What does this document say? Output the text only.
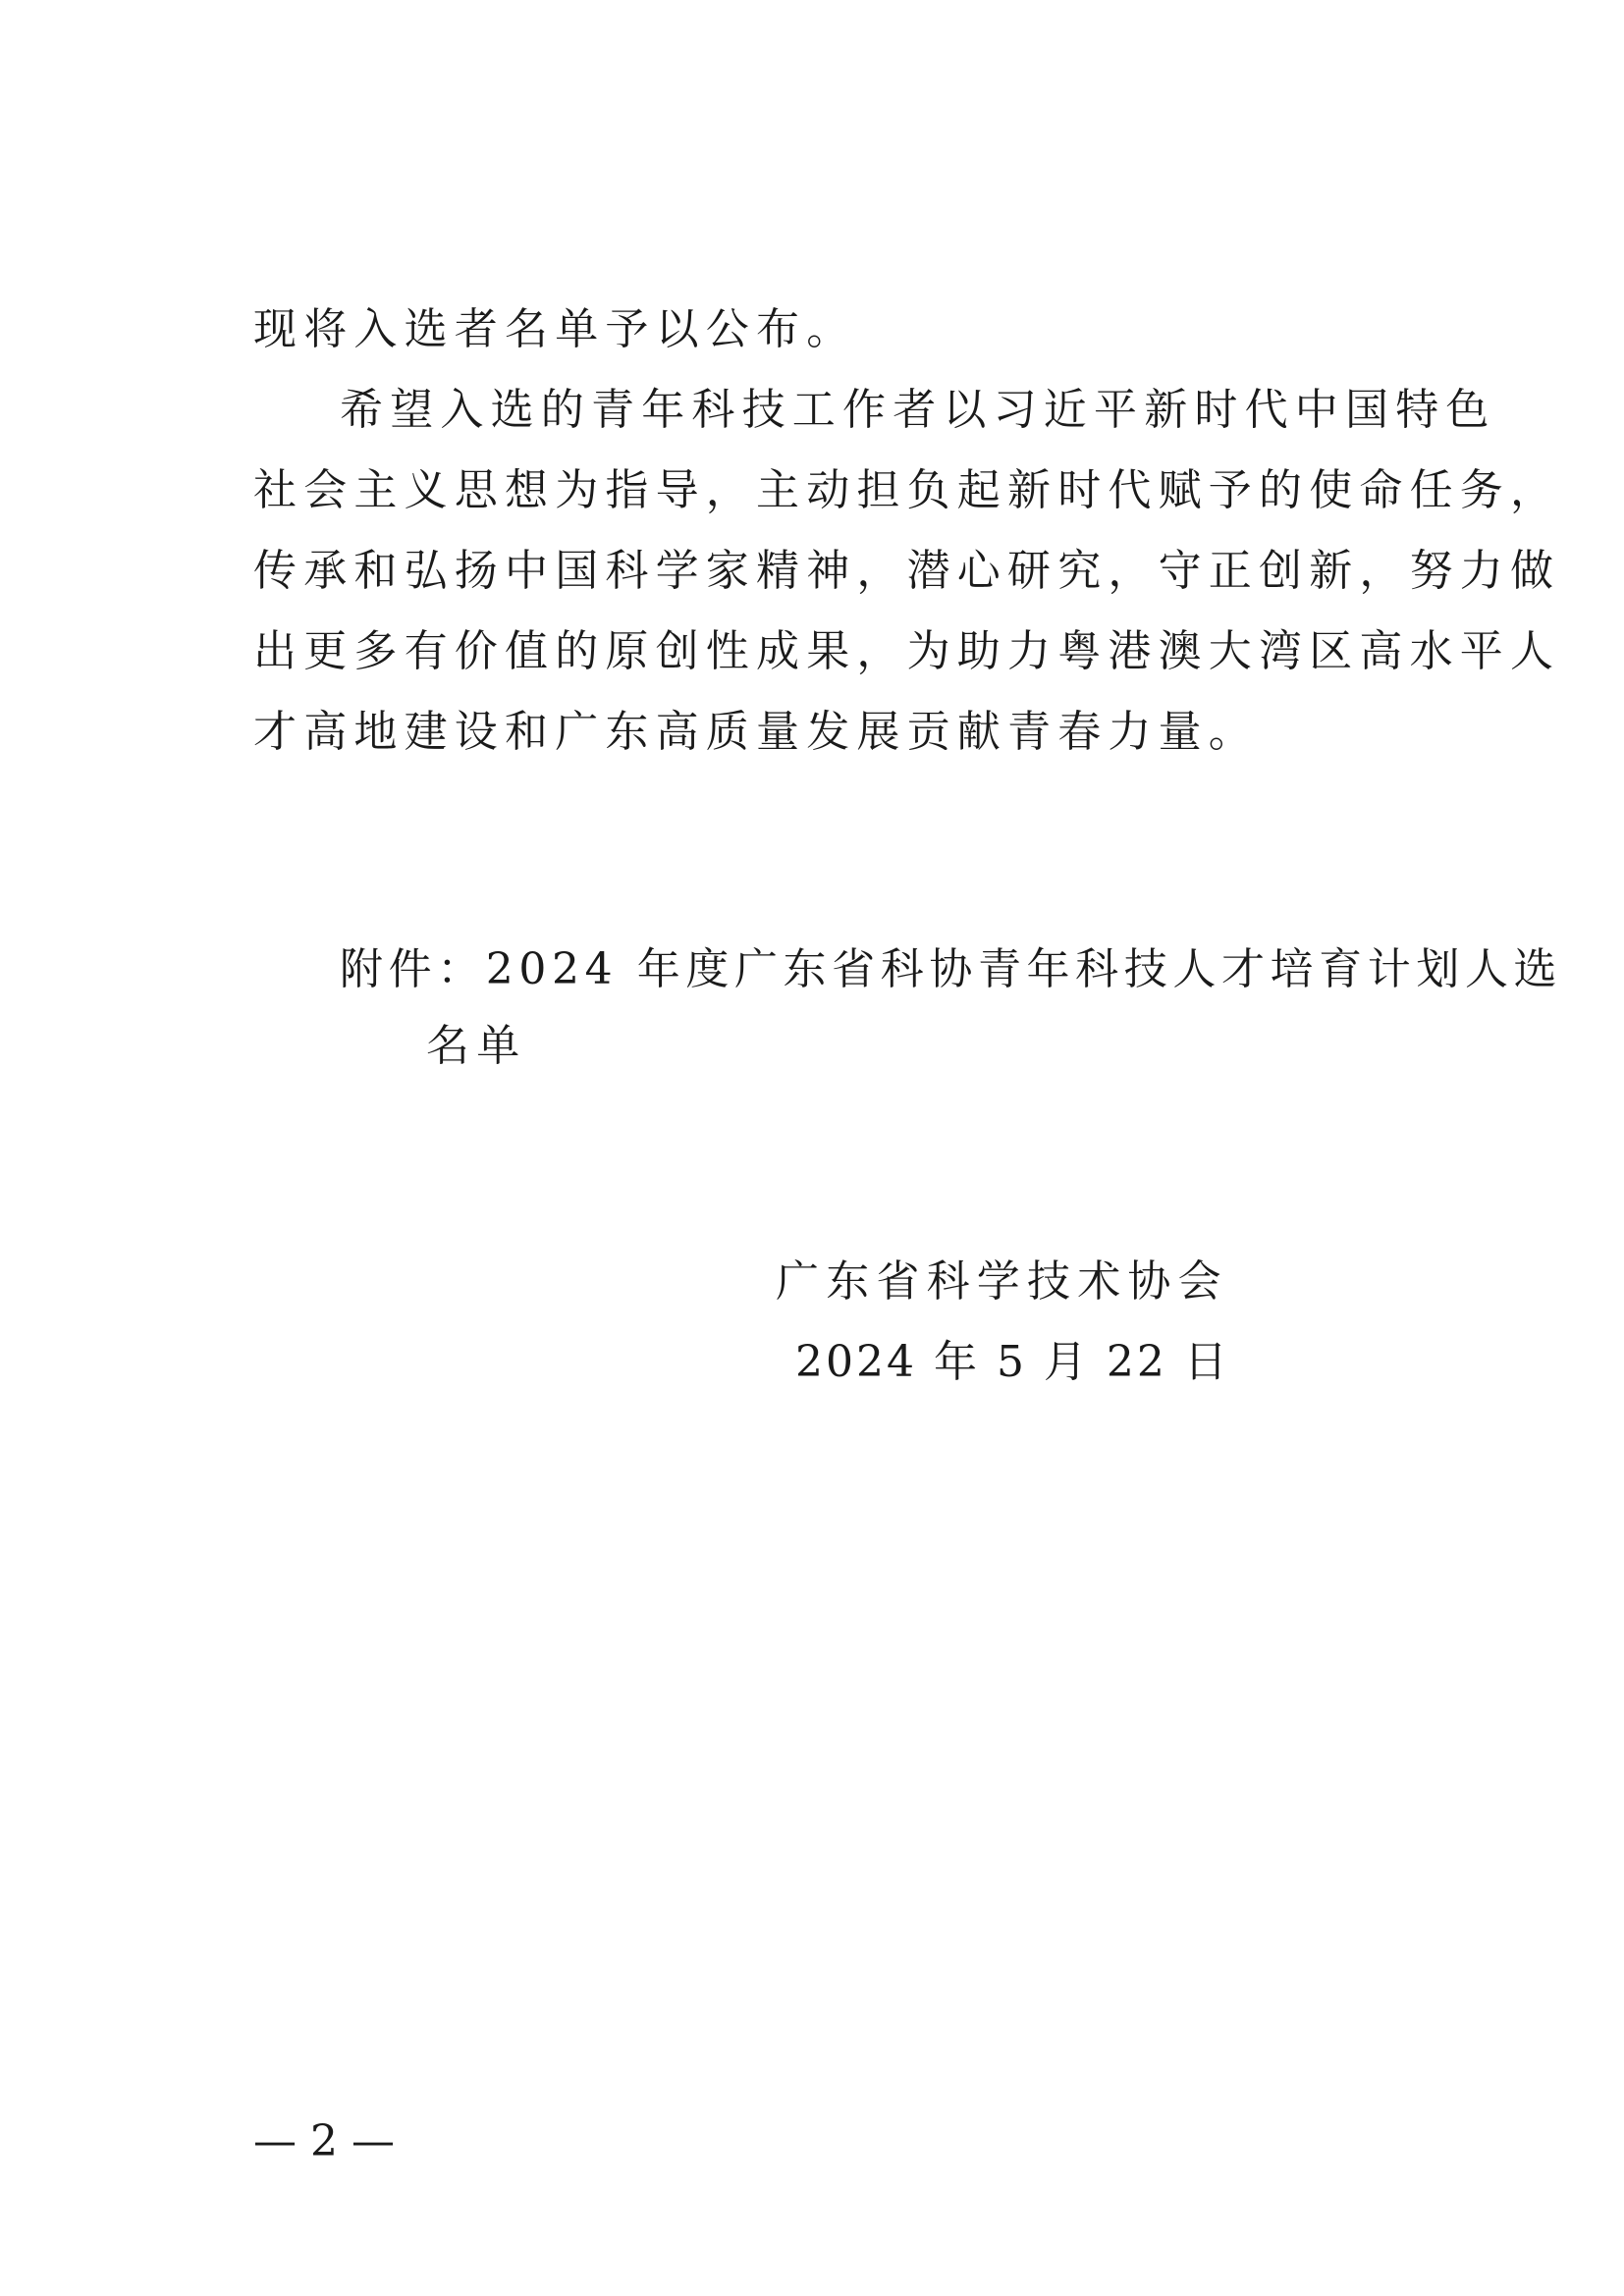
现将入选者名单予以公布。
希望入选的青年科技工作者以习近平新时代中国特色
社会主义思想为指导，主动担负起新时代赋予的使命任务，
传承和弘扬中国科学家精神，潜心研究，守正创新，努力做
出更多有价值的原创性成果，为助力粤港澳大湾区高水平人
才高地建设和广东高质量发展贡献青春力量。
附件：2024 年度广东省科协青年科技人才培育计划人选
名单
广东省科学技术协会
2024 年 5 月 22 日
— 2 —
